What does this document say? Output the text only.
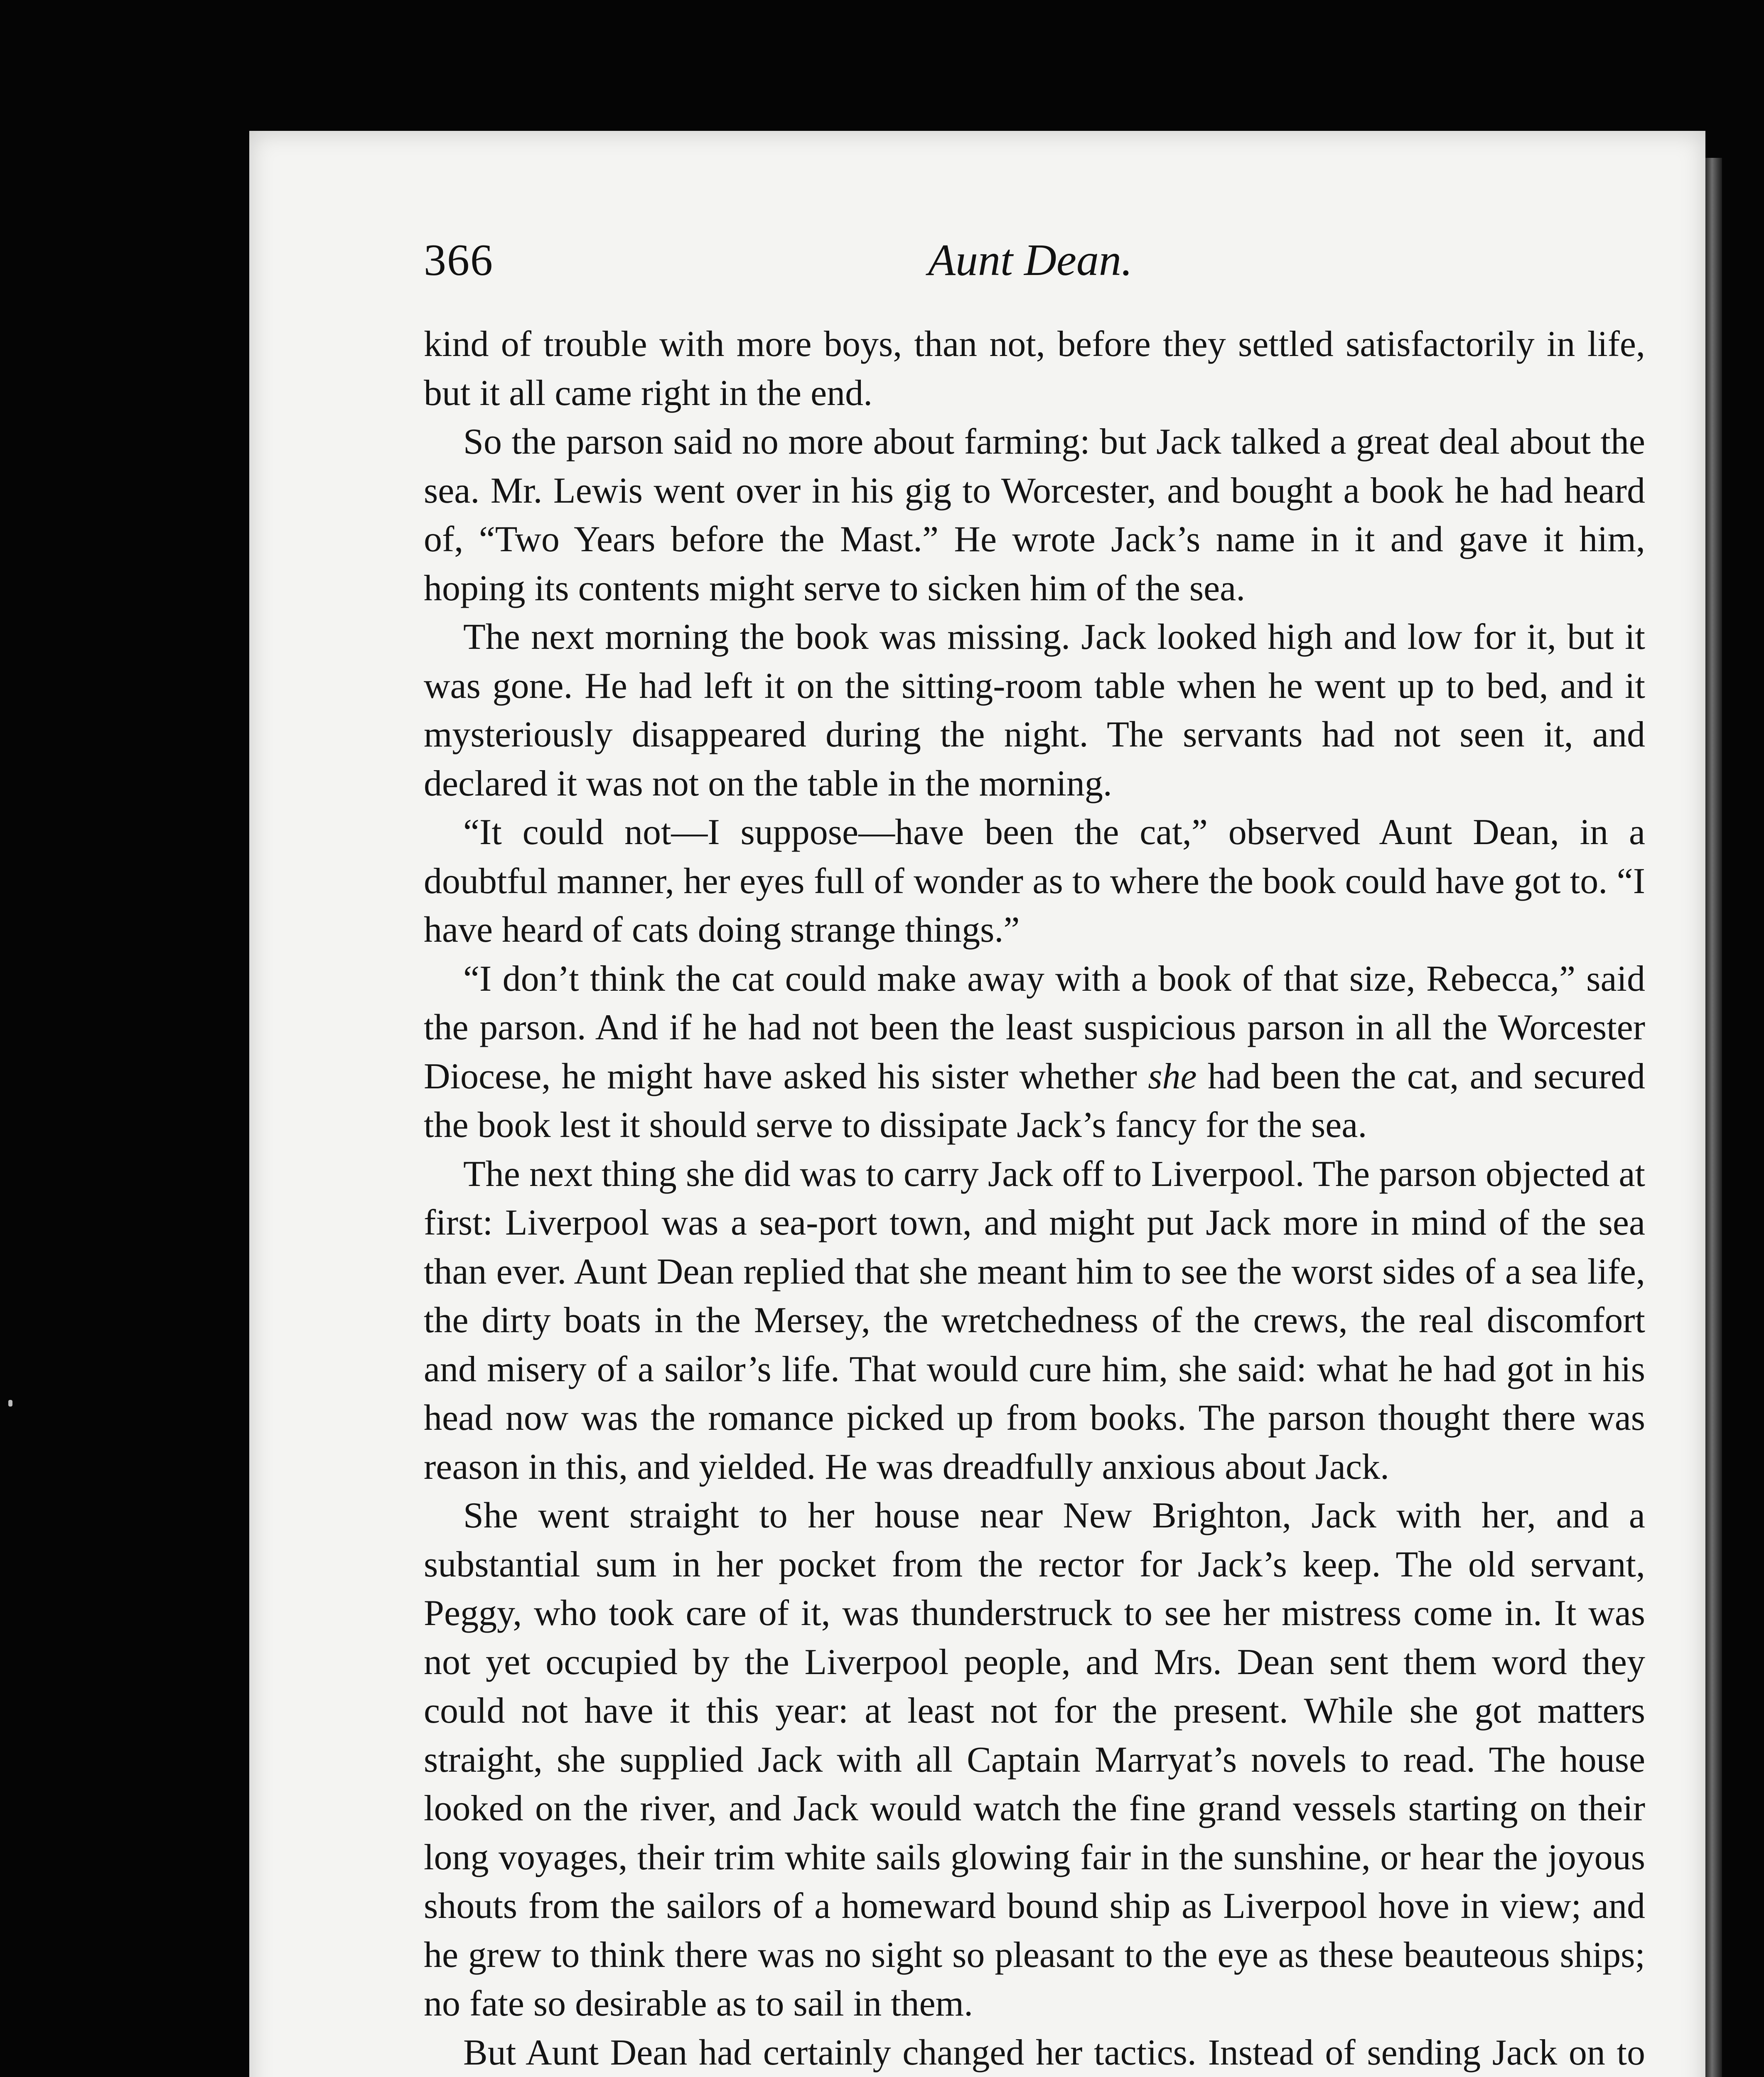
366	Aunt Dean.

kind of trouble with more boys, than not, before they settled satisfactorily in life, but it all came right in the end.

So the parson said no more about farming: but Jack talked a great deal about the sea. Mr. Lewis went over in his gig to Worcester, and bought a book he had heard of, “Two Years before the Mast.” He wrote Jack’s name in it and gave it him, hoping its contents might serve to sicken him of the sea.

The next morning the book was missing. Jack looked high and low for it, but it was gone. He had left it on the sitting-room table when he went up to bed, and it mysteriously disappeared during the night. The servants had not seen it, and declared it was not on the table in the morning.

“It could not—I suppose—have been the cat,” observed Aunt Dean, in a doubtful manner, her eyes full of wonder as to where the book could have got to. “I have heard of cats doing strange things.”

“I don’t think the cat could make away with a book of that size, Rebecca,” said the parson. And if he had not been the least suspicious parson in all the Worcester Diocese, he might have asked his sister whether she had been the cat, and secured the book lest it should serve to dissipate Jack’s fancy for the sea.

The next thing she did was to carry Jack off to Liverpool. The parson objected at first: Liverpool was a sea-port town, and might put Jack more in mind of the sea than ever. Aunt Dean replied that she meant him to see the worst sides of a sea life, the dirty boats in the Mersey, the wretchedness of the crews, the real discomfort and misery of a sailor’s life. That would cure him, she said: what he had got in his head now was the romance picked up from books. The parson thought there was reason in this, and yielded. He was dreadfully anxious about Jack.

She went straight to her house near New Brighton, Jack with her, and a substantial sum in her pocket from the rector for Jack’s keep. The old servant, Peggy, who took care of it, was thunderstruck to see her mistress come in. It was not yet occupied by the Liverpool people, and Mrs. Dean sent them word they could not have it this year: at least not for the present. While she got matters straight, she supplied Jack with all Captain Marryat’s novels to read. The house looked on the river, and Jack would watch the fine grand vessels starting on their long voyages, their trim white sails glowing fair in the sunshine, or hear the joyous shouts from the sailors of a homeward bound ship as Liverpool hove in view; and he grew to think there was no sight so pleasant to the eye as these beauteous ships; no fate so desirable as to sail in them.

But Aunt Dean had certainly changed her tactics. Instead of sending Jack on to
